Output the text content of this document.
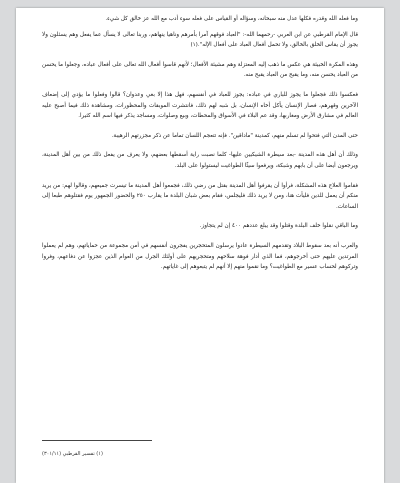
وما فعله الله وقدره فكلها عدل منه سبحانه، وسؤاله أو القياس على فعله سوء أدب مع الله عز خالق كل شيء.

قال الإمام القرطبي عن ابن العربي -رحمهما الله-: "العباد فوقهم آمرا بأمرهم وناهيا ينهاهم، وربنا تعالى لا يسأل عما يفعل وهم يسئلون ولا يجوز أن يقاس الخلق بالخالق، ولا تحمل أفعال العباد على أفعال الإله".(١)

وهذه المكرة الخبيثة هي عكس ما ذهب إليه المعتزلة وهم مشيئة الأفعال؛ لأنهم قاسوا أفعال الله تعالى على أفعال عباده، وجعلوا ما يحسن من العباد يحسن منه، وما يقبح من العباد يقبح منه.

فعكسوا ذلك فجعلوا ما يجوز للباري في عباده: يجوز للعباد في أنفسهم، فهل هذا إلا بغي وعدوان؟ قالوا وفعلوا ما يؤدي إلى إضعاف الآخرين وقهرهم، فصار الإنسان يأكل أخاه الإنسان، بل شبه لهم ذلك، فانتشرت الموبقات والمحظورات، ومشاهدة ذلك فيما أصبح عليه العالم في مشارق الأرض ومغاربها، وقد عم البلاء في الأسواق والمحطات، وبيع وصلوات، ومساجد يذكر فيها اسم الله كثيرا.

حتى المدن التي فتحوا لم تسلم منهم، كمدينة "ماداقين". فإنه تتعجم اللسان تماما عن ذكر مجزرتهم الرهيبة.

وذلك أن أهل هذه المدينة -بعد سيطرة الشيكيين عليها- كلما نصبت راية أسقطها بعضهم، ولا يعرف من يفعل ذلك من بين أهل المدينة، ويرجعون أيضا على أن بابهم وشبكة، ويرفعوا سيئًا الطواغيت ليستولوا على البلد.

فقاموا العلاج هذه المشكلة، فرأوا أن يقرفوا أهل المدينة بقتل من رضي ذلك، فجمعوا أهل المدينة ما تيسرت جميعهم، وقالوا لهم: من يريد منكم أن يعمل للدين فليأت هنا، ومن لا يريد ذلك فليجلس، فقام بعض شبان البلدة ما يقارب ٢٥٠ والحضور الجمهور يوم فقتلوهم طبعا إلى الساعات.

وما الباقي نقلوا خلف البلدة وقتلوا وقد يبلغ عددهم ٤٠٠ إن لم يتجاوز.

والعرب أنه بعد سقوط البلاد وتقدمهم السيطرة عادوا يرسلون المتحجرين يفجرون أنفسهم في أمن مجموعة من حماياتهم، وهم لم يعملوا المرتدين عليهم حتى أخرجوهم، فما الذي أدار فوهة سلاحهم ومتحجريهم على أولئك الجرل من العوام الذين عجزوا عن دفاعهم، وفروا وتركوهم لحساب عسير مع الطواغيت؟ وما نقموا منهم إلا أنهم لم يتبعوهم إلى غاياتهم.

(١) تفسير القرطبي (٣٠١/١١)
